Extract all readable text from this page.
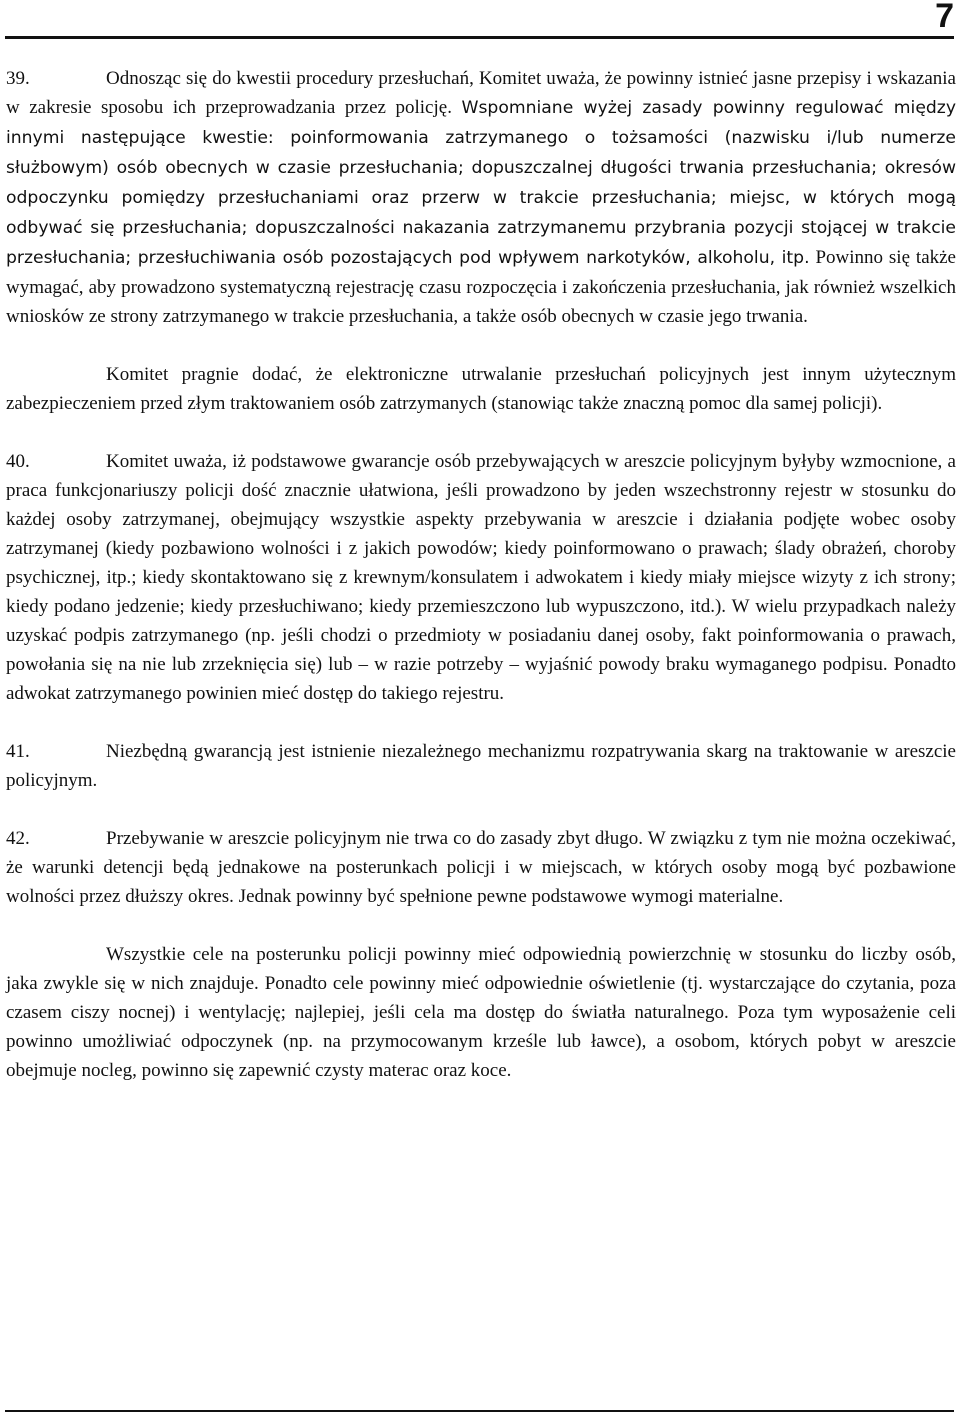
7

39.	Odnosząc się do kwestii procedury przesłuchań, Komitet uważa, że powinny istnieć jasne przepisy i wskazania w zakresie sposobu ich przeprowadzania przez policję. Wspomniane wyżej zasady powinny regulować między innymi następujące kwestie: poinformowania zatrzymanego o tożsamości (nazwisku i/lub numerze służbowym) osób obecnych w czasie przesłuchania; dopuszczalnej długości trwania przesłuchania; okresów odpoczynku pomiędzy przesłuchaniami oraz przerw w trakcie przesłuchania; miejsc, w których mogą odbywać się przesłuchania; dopuszczalności nakazania zatrzymanemu przybrania pozycji stojącej w trakcie przesłuchania; przesłuchiwania osób pozostających pod wpływem narkotyków, alkoholu, itp. Powinno się także wymagać, aby prowadzono systematyczną rejestrację czasu rozpoczęcia i zakończenia przesłuchania, jak również wszelkich wniosków ze strony zatrzymanego w trakcie przesłuchania, a także osób obecnych w czasie jego trwania.

Komitet pragnie dodać, że elektroniczne utrwalanie przesłuchań policyjnych jest innym użytecznym zabezpieczeniem przed złym traktowaniem osób zatrzymanych (stanowiąc także znaczną pomoc dla samej policji).

40.	Komitet uważa, iż podstawowe gwarancje osób przebywających w areszcie policyjnym byłyby wzmocnione, a praca funkcjonariuszy policji dość znacznie ułatwiona, jeśli prowadzono by jeden wszechstronny rejestr w stosunku do każdej osoby zatrzymanej, obejmujący wszystkie aspekty przebywania w areszcie i działania podjęte wobec osoby zatrzymanej (kiedy pozbawiono wolności i z jakich powodów; kiedy poinformowano o prawach; ślady obrażeń, choroby psychicznej, itp.; kiedy skontaktowano się z krewnym/konsulatem i adwokatem i kiedy miały miejsce wizyty z ich strony; kiedy podano jedzenie; kiedy przesłuchiwano; kiedy przemieszczono lub wypuszczono, itd.). W wielu przypadkach należy uzyskać podpis zatrzymanego (np. jeśli chodzi o przedmioty w posiadaniu danej osoby, fakt poinformowania o prawach, powołania się na nie lub zrzeknięcia się) lub – w razie potrzeby – wyjaśnić powody braku wymaganego podpisu. Ponadto adwokat zatrzymanego powinien mieć dostęp do takiego rejestru.

41.	Niezbędną gwarancją jest istnienie niezależnego mechanizmu rozpatrywania skarg na traktowanie w areszcie policyjnym.

42.	Przebywanie w areszcie policyjnym nie trwa co do zasady zbyt długo. W związku z tym nie można oczekiwać, że warunki detencji będą jednakowe na posterunkach policji i w miejscach, w których osoby mogą być pozbawione wolności przez dłuższy okres. Jednak powinny być spełnione pewne podstawowe wymogi materialne.

Wszystkie cele na posterunku policji powinny mieć odpowiednią powierzchnię w stosunku do liczby osób, jaka zwykle się w nich znajduje. Ponadto cele powinny mieć odpowiednie oświetlenie (tj. wystarczające do czytania, poza czasem ciszy nocnej) i wentylację; najlepiej, jeśli cela ma dostęp do światła naturalnego. Poza tym wyposażenie celi powinno umożliwiać odpoczynek (np. na przymocowanym krześle lub ławce), a osobom, których pobyt w areszcie obejmuje nocleg, powinno się zapewnić czysty materac oraz koce.
